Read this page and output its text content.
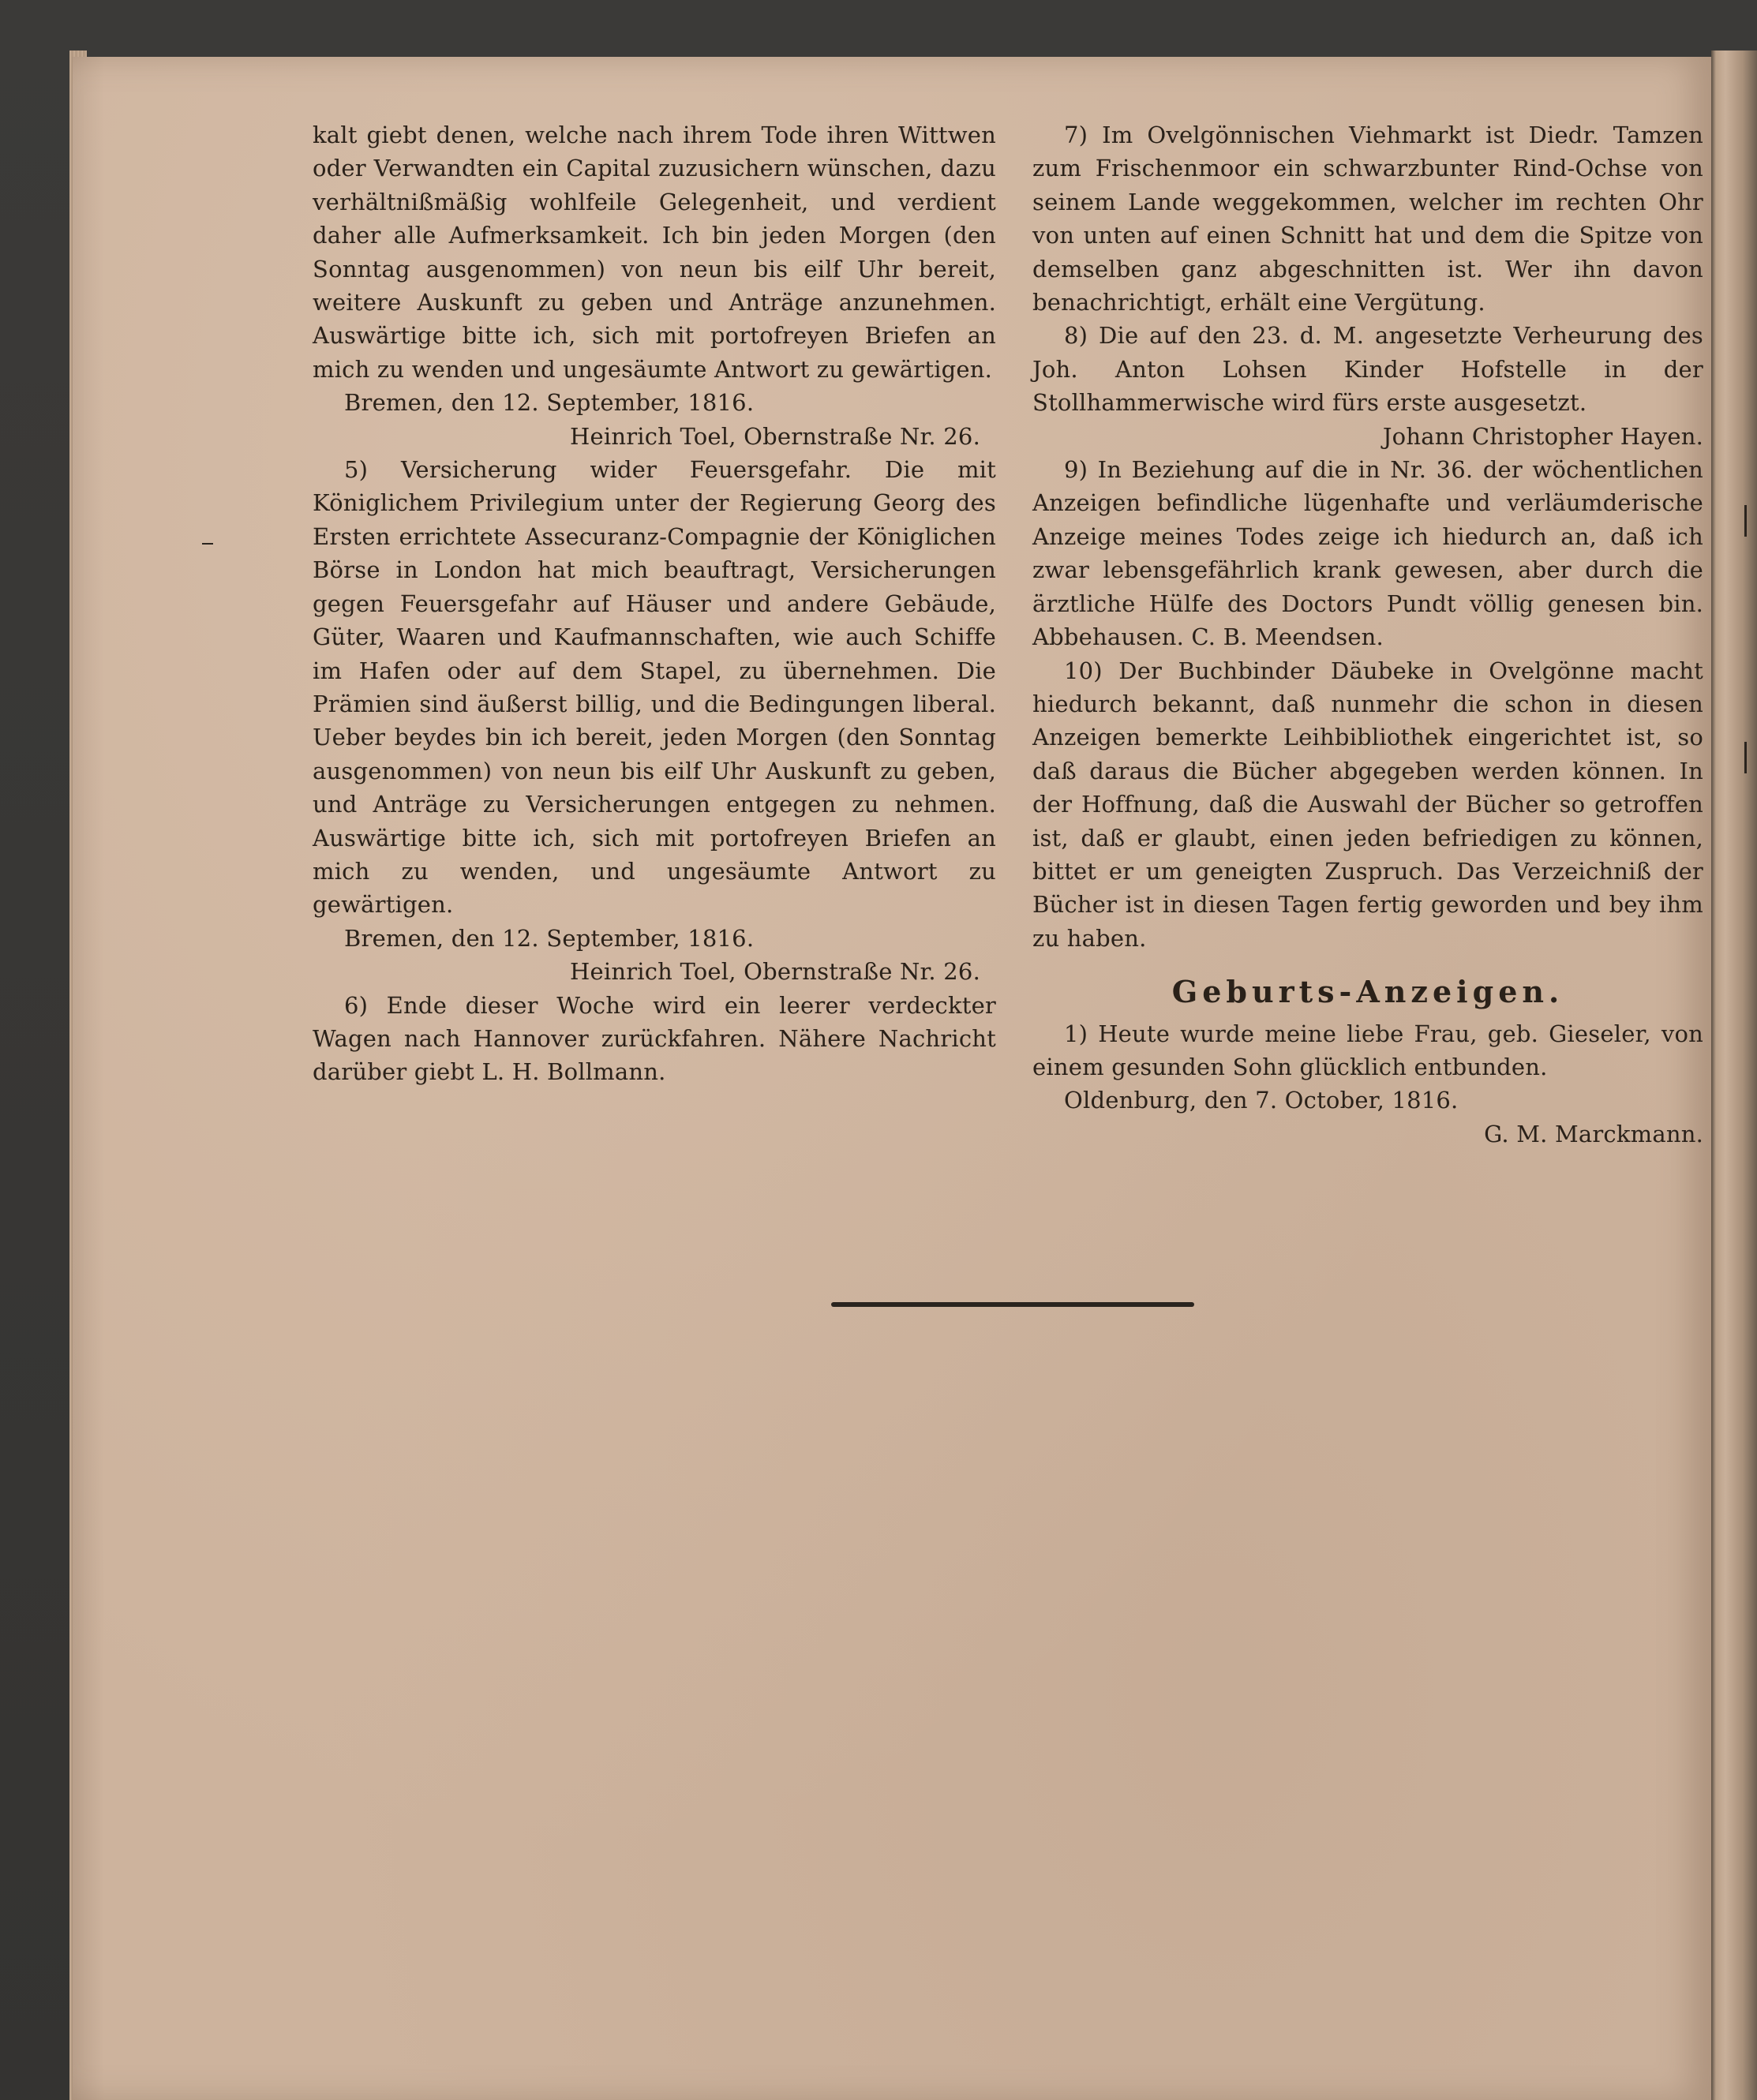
kalt giebt denen, welche nach ihrem Tode ihren Wittwen oder Verwandten ein Capital zuzusichern wünschen, dazu verhältnißmäßig wohlfeile Gelegenheit, und verdient daher alle Aufmerksamkeit. Ich bin jeden Morgen (den Sonntag ausgenommen) von neun bis eilf Uhr bereit, weitere Auskunft zu geben und Anträge anzunehmen. Auswärtige bitte ich, sich mit portofreyen Briefen an mich zu wenden und ungesäumte Antwort zu gewärtigen.

Bremen, den 12. September, 1816.

Heinrich Toel, Obernstraße Nr. 26.

5) Versicherung wider Feuersgefahr. Die mit Königlichem Privilegium unter der Regierung Georg des Ersten errichtete Assecuranz-Compagnie der Königlichen Börse in London hat mich beauftragt, Versicherungen gegen Feuersgefahr auf Häuser und andere Gebäude, Güter, Waaren und Kaufmannschaften, wie auch Schiffe im Hafen oder auf dem Stapel, zu übernehmen. Die Prämien sind äußerst billig, und die Bedingungen liberal. Ueber beydes bin ich bereit, jeden Morgen (den Sonntag ausgenommen) von neun bis eilf Uhr Auskunft zu geben, und Anträge zu Versicherungen entgegen zu nehmen. Auswärtige bitte ich, sich mit portofreyen Briefen an mich zu wenden, und ungesäumte Antwort zu gewärtigen.

Bremen, den 12. September, 1816.

Heinrich Toel, Obernstraße Nr. 26.

6) Ende dieser Woche wird ein leerer verdeckter Wagen nach Hannover zurückfahren. Nähere Nachricht darüber giebt L. H. Bollmann.

7) Im Ovelgönnischen Viehmarkt ist Diedr. Tamzen zum Frischenmoor ein schwarzbunter Rind-Ochse von seinem Lande weggekommen, welcher im rechten Ohr von unten auf einen Schnitt hat und dem die Spitze von demselben ganz abgeschnitten ist. Wer ihn davon benachrichtigt, erhält eine Vergütung.

8) Die auf den 23. d. M. angesetzte Verheurung des Joh. Anton Lohsen Kinder Hofstelle in der Stollhammerwische wird fürs erste ausgesetzt.

Johann Christopher Hayen.

9) In Beziehung auf die in Nr. 36. der wöchentlichen Anzeigen befindliche lügenhafte und verläumderische Anzeige meines Todes zeige ich hiedurch an, daß ich zwar lebensgefährlich krank gewesen, aber durch die ärztliche Hülfe des Doctors Pundt völlig genesen bin. Abbehausen. C. B. Meendsen.

10) Der Buchbinder Däubeke in Ovelgönne macht hiedurch bekannt, daß nunmehr die schon in diesen Anzeigen bemerkte Leihbibliothek eingerichtet ist, so daß daraus die Bücher abgegeben werden können. In der Hoffnung, daß die Auswahl der Bücher so getroffen ist, daß er glaubt, einen jeden befriedigen zu können, bittet er um geneigten Zuspruch. Das Verzeichniß der Bücher ist in diesen Tagen fertig geworden und bey ihm zu haben.

Geburts-Anzeigen.

1) Heute wurde meine liebe Frau, geb. Gieseler, von einem gesunden Sohn glücklich entbunden.

Oldenburg, den 7. October, 1816.

G. M. Marckmann.
